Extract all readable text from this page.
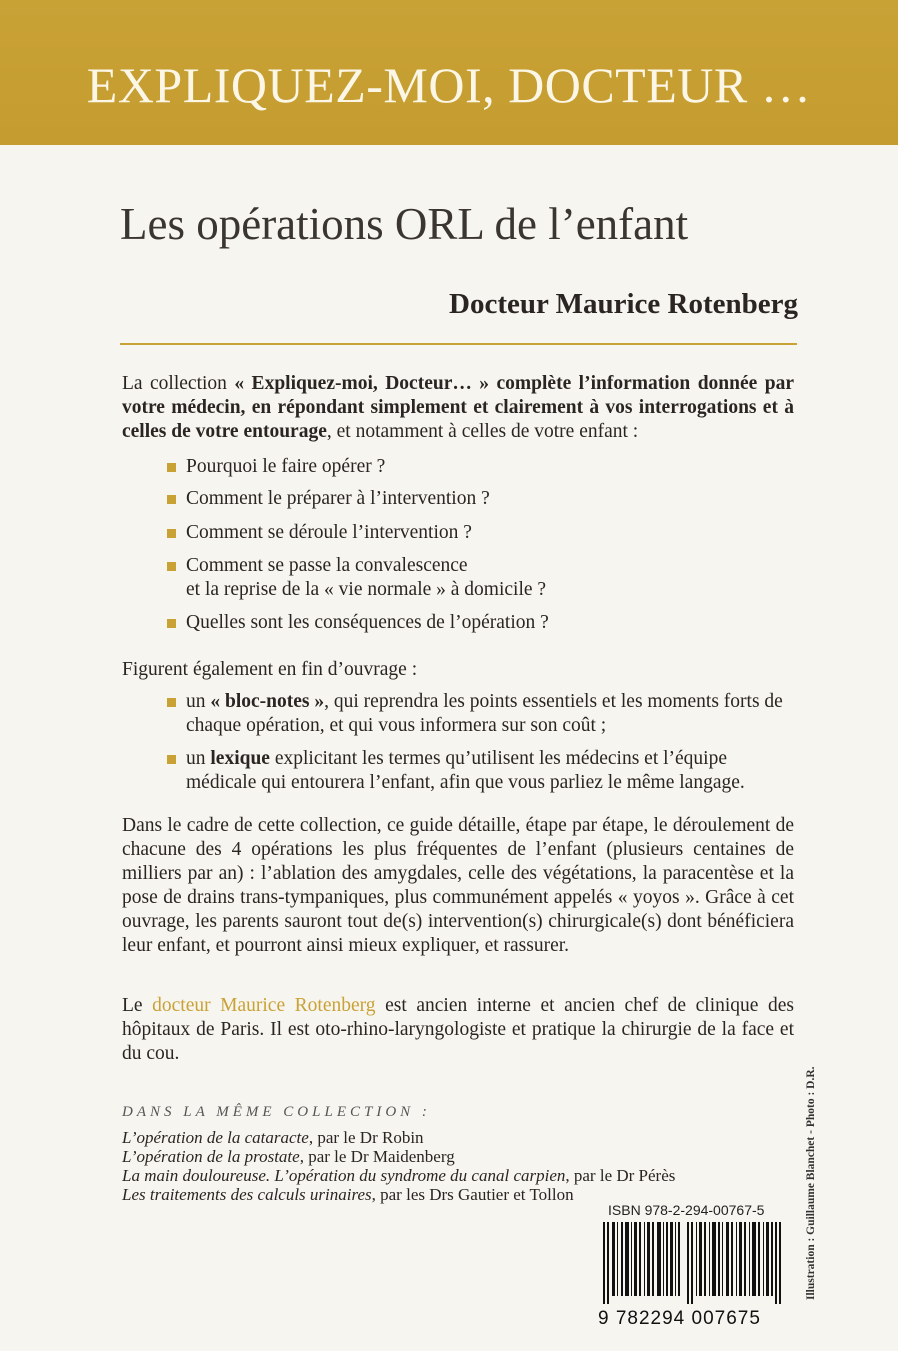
EXPLIQUEZ-MOI, DOCTEUR …
Les opérations ORL de l’enfant
Docteur Maurice Rotenberg
La collection « Expliquez-moi, Docteur… » complète l’information donnée par votre médecin, en répondant simplement et clairement à vos interrogations et à celles de votre entourage, et notamment à celles de votre enfant :
Pourquoi le faire opérer ?
Comment le préparer à l’intervention ?
Comment se déroule l’intervention ?
Comment se passe la convalescence
et la reprise de la « vie normale » à domicile ?
Quelles sont les conséquences de l’opération ?
Figurent également en fin d’ouvrage :
un « bloc-notes », qui reprendra les points essentiels et les moments forts de chaque opération, et qui vous informera sur son coût ;
un lexique explicitant les termes qu’utilisent les médecins et l’équipe médicale qui entourera l’enfant, afin que vous parliez le même langage.
Dans le cadre de cette collection, ce guide détaille, étape par étape, le déroulement de chacune des 4 opérations les plus fréquentes de l’enfant (plusieurs centaines de milliers par an) : l’ablation des amygdales, celle des végétations, la paracentèse et la pose de drains trans-tympaniques, plus communément appelés « yoyos ». Grâce à cet ouvrage, les parents sauront tout de(s) intervention(s) chirurgicale(s) dont bénéficiera leur enfant, et pourront ainsi mieux expliquer, et rassurer.
Le docteur Maurice Rotenberg est ancien interne et ancien chef de clinique des hôpitaux de Paris. Il est oto-rhino-laryngologiste et pratique la chirurgie de la face et du cou.
DANS LA MÊME COLLECTION :
L’opération de la cataracte, par le Dr Robin
L’opération de la prostate, par le Dr Maidenberg
La main douloureuse. L’opération du syndrome du canal carpien, par le Dr Pérès
Les traitements des calculs urinaires, par les Drs Gautier et Tollon
ISBN 978-2-294-00767-5
9 782294 007675
Illustration : Guillaume Blanchet - Photo : D.R.
